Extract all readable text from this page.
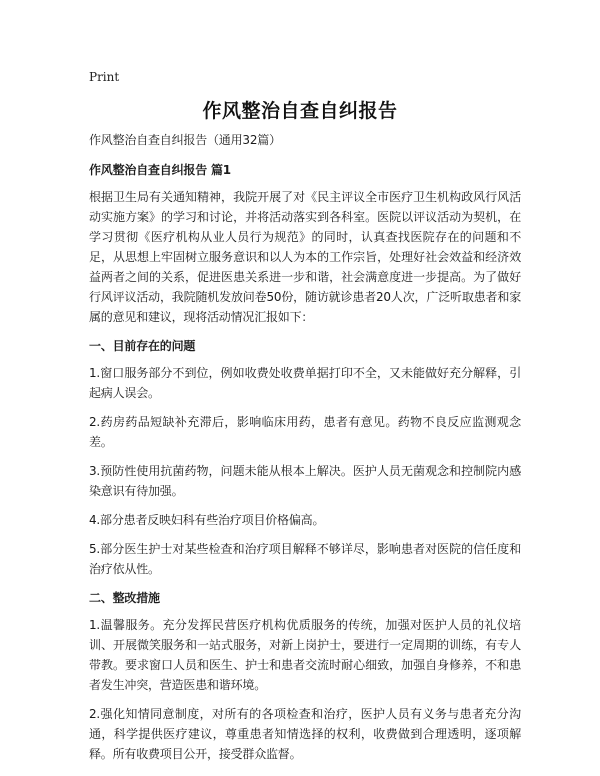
Print
作风整治自查自纠报告

作风整治自查自纠报告（通用32篇）

作风整治自查自纠报告 篇1

根据卫生局有关通知精神，我院开展了对《民主评议全市医疗卫生机构政风行风活动实施方案》的学习和讨论，并将活动落实到各科室。医院以评议活动为契机，在学习贯彻《医疗机构从业人员行为规范》的同时，认真查找医院存在的问题和不足，从思想上牢固树立服务意识和以人为本的工作宗旨，处理好社会效益和经济效益两者之间的关系，促进医患关系进一步和谐，社会满意度进一步提高。为了做好行风评议活动，我院随机发放问卷50份，随访就诊患者20人次，广泛听取患者和家属的意见和建议，现将活动情况汇报如下：

一、目前存在的问题

1.窗口服务部分不到位，例如收费处收费单据打印不全，又未能做好充分解释，引起病人误会。

2.药房药品短缺补充滞后，影响临床用药，患者有意见。药物不良反应监测观念差。

3.预防性使用抗菌药物，问题未能从根本上解决。医护人员无菌观念和控制院内感染意识有待加强。

4.部分患者反映妇科有些治疗项目价格偏高。

5.部分医生护士对某些检查和治疗项目解释不够详尽，影响患者对医院的信任度和治疗依从性。

二、整改措施

1.温馨服务。充分发挥民营医疗机构优质服务的传统，加强对医护人员的礼仪培训、开展微笑服务和一站式服务，对新上岗护士，要进行一定周期的训练，有专人带教。要求窗口人员和医生、护士和患者交流时耐心细致，加强自身修养，不和患者发生冲突，营造医患和谐环境。

2.强化知情同意制度，对所有的各项检查和治疗，医护人员有义务与患者充分沟通，科学提供医疗建议，尊重患者知情选择的权利，收费做到合理透明，逐项解释。所有收费项目公开，接受群众监督。
